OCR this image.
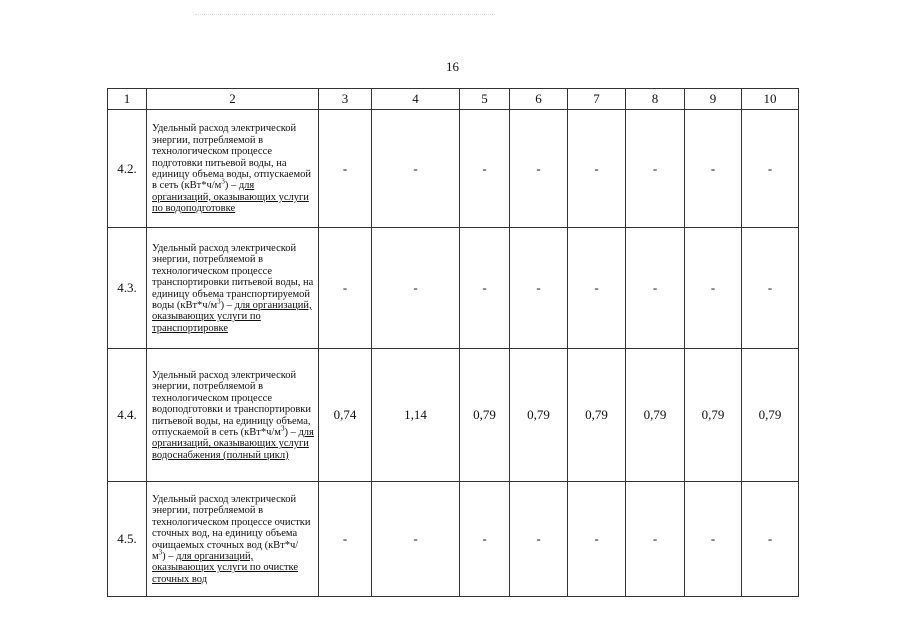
16
1	2	3	4	5	6	7	8	9	10
4.2.	Удельный расход электрической энергии, потребляемой в технологическом процессе подготовки питьевой воды, на единицу объема воды, отпускаемой в сеть $(кВт*ч/м^3)$ – для организаций, оказывающих услуги по водоподготовке	-	-	-	-	-	-	-	-
4.3.	Удельный расход электрической энергии, потребляемой в технологическом процессе транспортировки питьевой воды, на единицу объема транспортируемой воды $(кВт*ч/м^3)$ – для организаций, оказывающих услуги по транспортировке	-	-	-	-	-	-	-	-
4.4.	Удельный расход электрической энергии, потребляемой в технологическом процессе водоподготовки и транспортировки питьевой воды, на единицу объема, отпускаемой в сеть $(кВт*ч/м^3)$ – для организаций, оказывающих услуги водоснабжения (полный цикл)	0,74	1,14	0,79	0,79	0,79	0,79	0,79	0,79
4.5.	Удельный расход электрической энергии, потребляемой в технологическом процессе очистки сточных вод, на единицу объема очищаемых сточных вод (кВт*ч/ $м^3$) – для организаций, оказывающих услуги по очистке сточных вод	-	-	-	-	-	-	-	-
